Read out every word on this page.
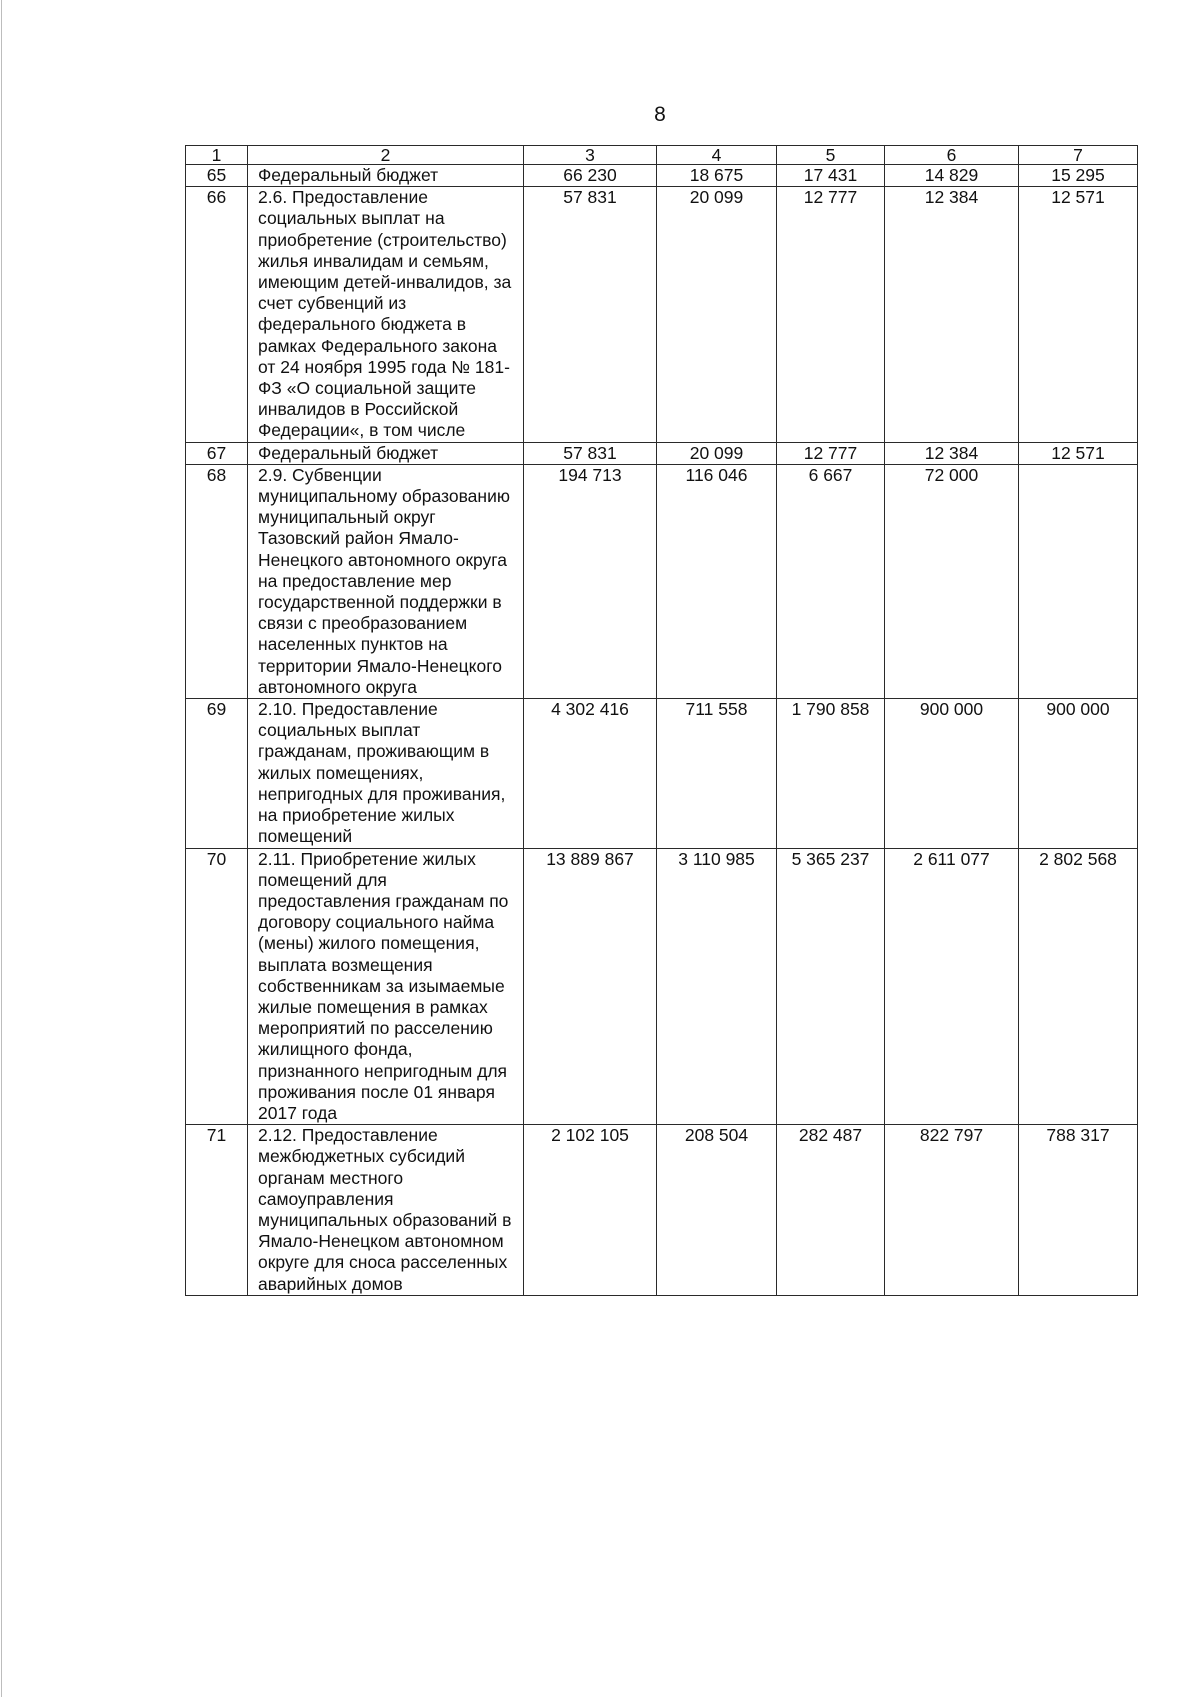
8
1	2	3	4	5	6	7
65	Федеральный бюджет	66 230	18 675	17 431	14 829	15 295
66	2.6. Предоставление социальных выплат на приобретение (строительство) жилья инвалидам и семьям, имеющим детей-инвалидов, за счет субвенций из федерального бюджета в рамках Федерального закона от 24 ноября 1995 года № 181-ФЗ «О социальной защите инвалидов в Российской Федерации«, в том числе	57 831	20 099	12 777	12 384	12 571
67	Федеральный бюджет	57 831	20 099	12 777	12 384	12 571
68	2.9. Субвенции муниципальному образованию муниципальный округ Тазовский район Ямало-Ненецкого автономного округа на предоставление мер государственной поддержки в связи с преобразованием населенных пунктов на территории Ямало-Ненецкого автономного округа	194 713	116 046	6 667	72 000	
69	2.10. Предоставление социальных выплат гражданам, проживающим в жилых помещениях, непригодных для проживания, на приобретение жилых помещений	4 302 416	711 558	1 790 858	900 000	900 000
70	2.11. Приобретение жилых помещений для предоставления гражданам по договору социального найма (мены) жилого помещения, выплата возмещения собственникам за изымаемые жилые помещения в рамках мероприятий по расселению жилищного фонда, признанного непригодным для проживания после 01 января 2017 года	13 889 867	3 110 985	5 365 237	2 611 077	2 802 568
71	2.12. Предоставление межбюджетных субсидий органам местного самоуправления муниципальных образований в Ямало-Ненецком автономном округе для сноса расселенных аварийных домов	2 102 105	208 504	282 487	822 797	788 317
